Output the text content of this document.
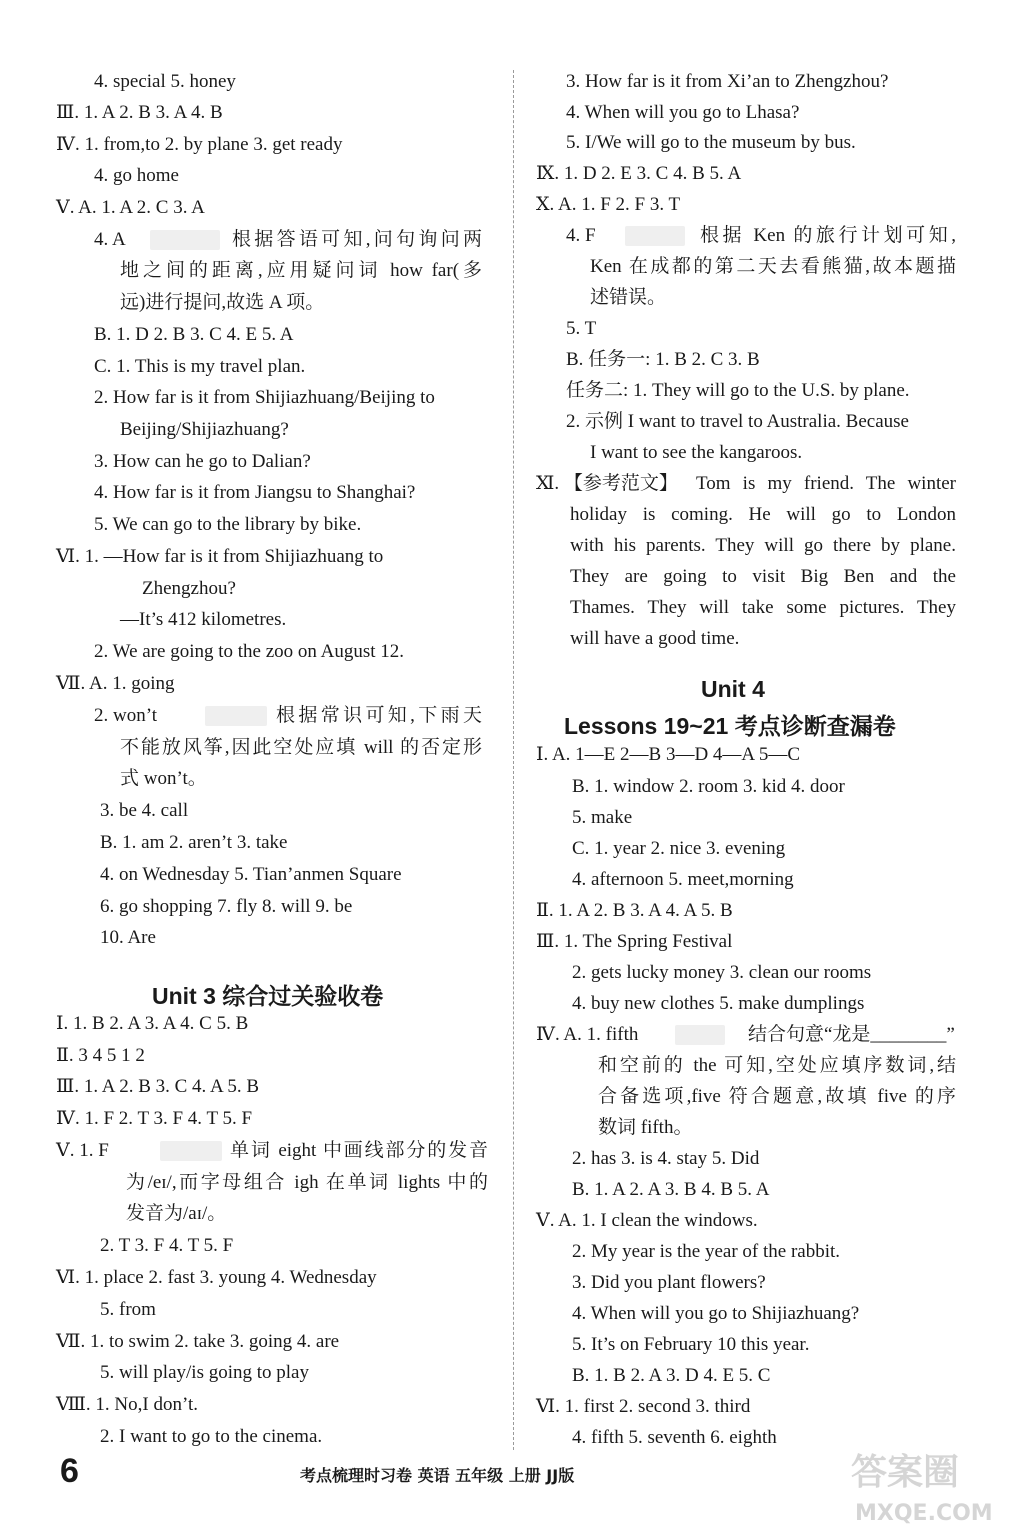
4. special 5. honey
Ⅲ. 1. A 2. B 3. A 4. B
Ⅳ. 1. from,to 2. by plane 3. get ready
4. go home
Ⅴ. A. 1. A 2. C 3. A
4. A	根据答语可知,问句询问两
地之间的距离,应用疑问词 how far(多
远)进行提问,故选 A 项。
B. 1. D 2. B 3. C 4. E 5. A
C. 1. This is my travel plan.
2. How far is it from Shijiazhuang/Beijing to
Beijing/Shijiazhuang?
3. How can he go to Dalian?
4. How far is it from Jiangsu to Shanghai?
5. We can go to the library by bike.
Ⅵ. 1. —How far is it from Shijiazhuang to
Zhengzhou?
—It’s 412 kilometres.
2. We are going to the zoo on August 12.
Ⅶ. A. 1. going
2. won’t	根据常识可知,下雨天
不能放风筝,因此空处应填 will 的否定形
式 won’t。
3. be 4. call
B. 1. am 2. aren’t 3. take
4. on Wednesday 5. Tian’anmen Square
6. go shopping 7. fly 8. will 9. be
10. Are
Unit 3 综合过关验收卷
Ⅰ. 1. B 2. A 3. A 4. C 5. B
Ⅱ. 3 4 5 1 2
Ⅲ. 1. A 2. B 3. C 4. A 5. B
Ⅳ. 1. F 2. T 3. F 4. T 5. F
Ⅴ. 1. F	单词 eight 中画线部分的发音
为/eɪ/,而字母组合 igh 在单词 lights 中的
发音为/aɪ/。
2. T 3. F 4. T 5. F
Ⅵ. 1. place 2. fast 3. young 4. Wednesday
5. from
Ⅶ. 1. to swim 2. take 3. going 4. are
5. will play/is going to play
Ⅷ. 1. No,I don’t.
2. I want to go to the cinema.
3. How far is it from Xi’an to Zhengzhou?
4. When will you go to Lhasa?
5. I/We will go to the museum by bus.
Ⅸ. 1. D 2. E 3. C 4. B 5. A
Ⅹ. A. 1. F 2. F 3. T
4. F	根据 Ken 的旅行计划可知,
Ken 在成都的第二天去看熊猫,故本题描
述错误。
5. T
B. 任务一: 1. B 2. C 3. B
任务二: 1. They will go to the U.S. by plane.
2. 示例 I want to travel to Australia. Because
I want to see the kangaroos.
Ⅺ. 【参考范文】 Tom is my friend. The winter
holiday is coming. He will go to London
with his parents. They will go there by plane.
They are going to visit Big Ben and the
Thames. They will take some pictures. They
will have a good time.
Unit 4
Lessons 19~21 考点诊断查漏卷
Ⅰ. A. 1—E 2—B 3—D 4—A 5—C
B. 1. window 2. room 3. kid 4. door
5. make
C. 1. year 2. nice 3. evening
4. afternoon 5. meet,morning
Ⅱ. 1. A 2. B 3. A 4. A 5. B
Ⅲ. 1. The Spring Festival
2. gets lucky money 3. clean our rooms
4. buy new clothes 5. make dumplings
Ⅳ. A. 1. fifth	结合句意“龙是________”
和空前的 the 可知,空处应填序数词,结
合备选项,five 符合题意,故填 five 的序
数词 fifth。
2. has 3. is 4. stay 5. Did
B. 1. A 2. A 3. B 4. B 5. A
Ⅴ. A. 1. I clean the windows.
2. My year is the year of the rabbit.
3. Did you plant flowers?
4. When will you go to Shijiazhuang?
5. It’s on February 10 this year.
B. 1. B 2. A 3. D 4. E 5. C
Ⅵ. 1. first 2. second 3. third
4. fifth 5. seventh 6. eighth
6	考点梳理时习卷 英语 五年级 上册 JJ版	答案圈
MXQE.COM
